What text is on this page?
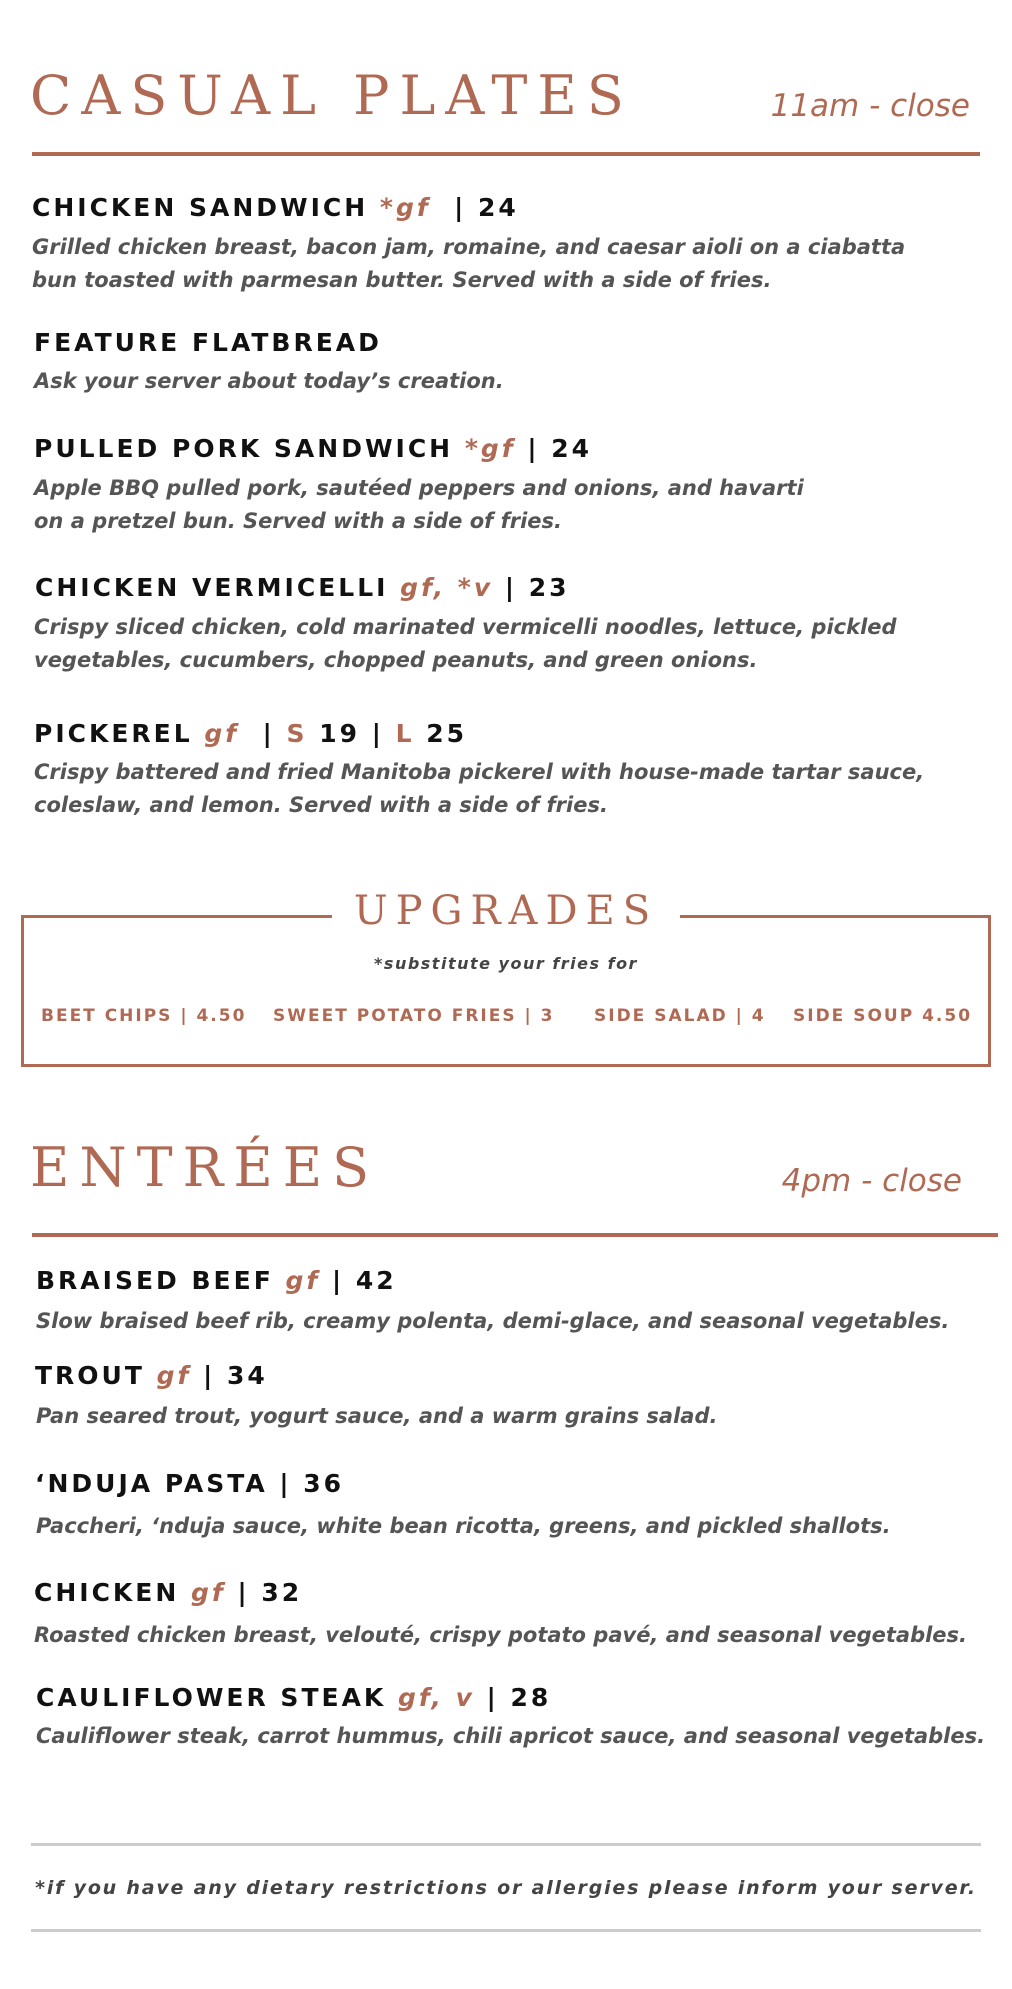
CASUAL PLATES	11am - close
CHICKEN SANDWICH *gf | 24
Grilled chicken breast, bacon jam, romaine, and caesar aioli on a ciabatta
bun toasted with parmesan butter. Served with a side of fries.
FEATURE FLATBREAD
Ask your server about today’s creation.
PULLED PORK SANDWICH *gf | 24
Apple BBQ pulled pork, sautéed peppers and onions, and havarti
on a pretzel bun. Served with a side of fries.
CHICKEN VERMICELLI gf, *v | 23
Crispy sliced chicken, cold marinated vermicelli noodles, lettuce, pickled
vegetables, cucumbers, chopped peanuts, and green onions.
PICKEREL gf | S 19 | L 25
Crispy battered and fried Manitoba pickerel with house-made tartar sauce,
coleslaw, and lemon. Served with a side of fries.
UPGRADES
*substitute your fries for
BEET CHIPS | 4.50 SWEET POTATO FRIES | 3 SIDE SALAD | 4 SIDE SOUP 4.50
ENTRÉES	4pm - close
BRAISED BEEF gf | 42
Slow braised beef rib, creamy polenta, demi-glace, and seasonal vegetables.
TROUT gf | 34
Pan seared trout, yogurt sauce, and a warm grains salad.
‘NDUJA PASTA | 36
Paccheri, ‘nduja sauce, white bean ricotta, greens, and pickled shallots.
CHICKEN gf | 32
Roasted chicken breast, velouté, crispy potato pavé, and seasonal vegetables.
CAULIFLOWER STEAK gf, v | 28
Cauliflower steak, carrot hummus, chili apricot sauce, and seasonal vegetables.
*if you have any dietary restrictions or allergies please inform your server.
